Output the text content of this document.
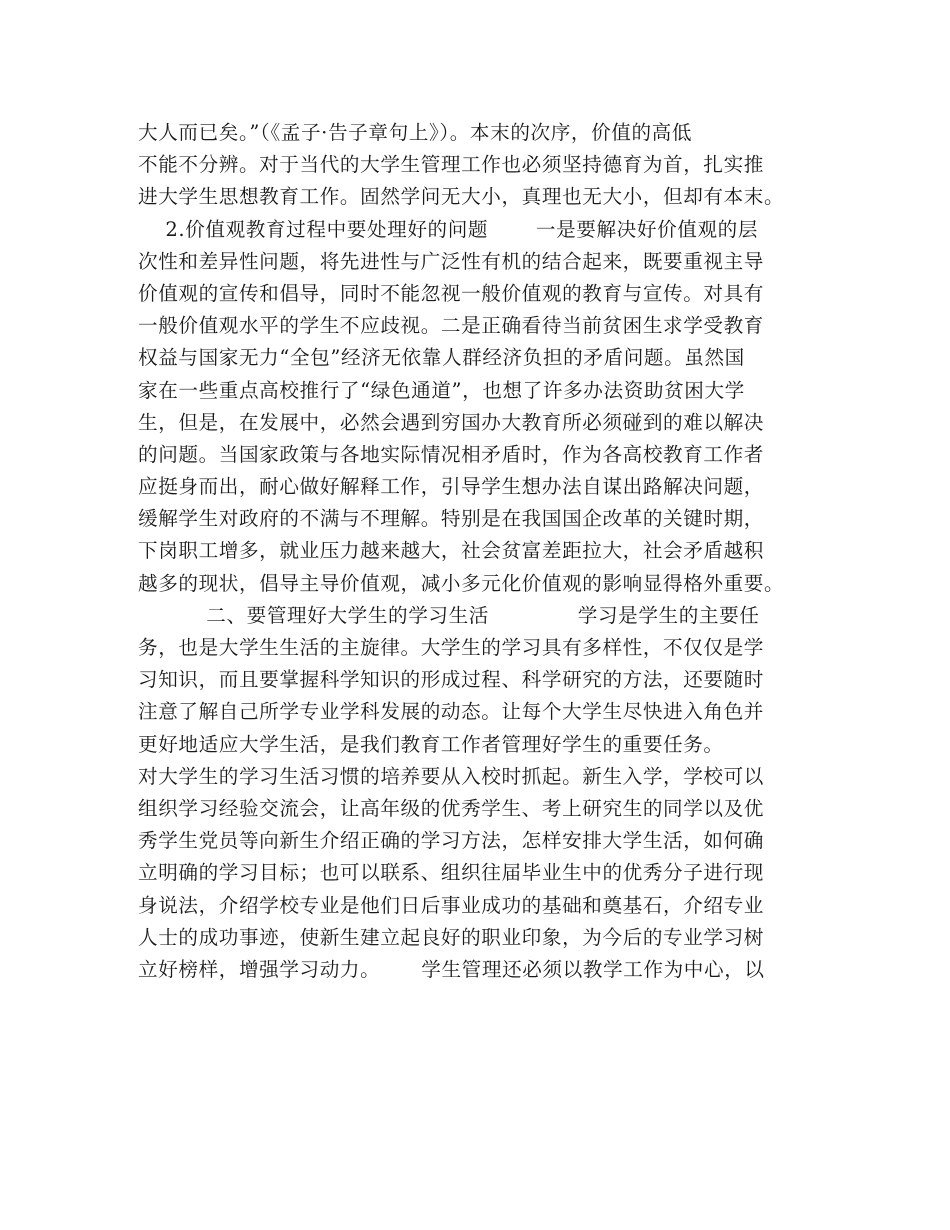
大人而已矣。”（《孟子·告子章句上》）。本末的次序，价值的高低
不能不分辨。对于当代的大学生管理工作也必须坚持德育为首，扎实推
进大学生思想教育工作。固然学问无大小，真理也无大小，但却有本末。
2.价值观教育过程中要处理好的问题       一是要解决好价值观的层
次性和差异性问题，将先进性与广泛性有机的结合起来，既要重视主导
价值观的宣传和倡导，同时不能忽视一般价值观的教育与宣传。对具有
一般价值观水平的学生不应歧视。二是正确看待当前贫困生求学受教育
权益与国家无力“全包”经济无依靠人群经济负担的矛盾问题。虽然国
家在一些重点高校推行了“绿色通道”，也想了许多办法资助贫困大学
生，但是，在发展中，必然会遇到穷国办大教育所必须碰到的难以解决
的问题。当国家政策与各地实际情况相矛盾时，作为各高校教育工作者
应挺身而出，耐心做好解释工作，引导学生想办法自谋出路解决问题，
缓解学生对政府的不满与不理解。特别是在我国国企改革的关键时期，
下岗职工增多，就业压力越来越大，社会贫富差距拉大，社会矛盾越积
越多的现状，倡导主导价值观，减小多元化价值观的影响显得格外重要。
二、要管理好大学生的学习生活             学习是学生的主要任
务，也是大学生生活的主旋律。大学生的学习具有多样性，不仅仅是学
习知识，而且要掌握科学知识的形成过程、科学研究的方法，还要随时
注意了解自己所学专业学科发展的动态。让每个大学生尽快进入角色并
更好地适应大学生活，是我们教育工作者管理好学生的重要任务。
对大学生的学习生活习惯的培养要从入校时抓起。新生入学，学校可以
组织学习经验交流会，让高年级的优秀学生、考上研究生的同学以及优
秀学生党员等向新生介绍正确的学习方法，怎样安排大学生活，如何确
立明确的学习目标；也可以联系、组织往届毕业生中的优秀分子进行现
身说法，介绍学校专业是他们日后事业成功的基础和奠基石，介绍专业
人士的成功事迹，使新生建立起良好的职业印象，为今后的专业学习树
立好榜样，增强学习动力。      学生管理还必须以教学工作为中心，以
